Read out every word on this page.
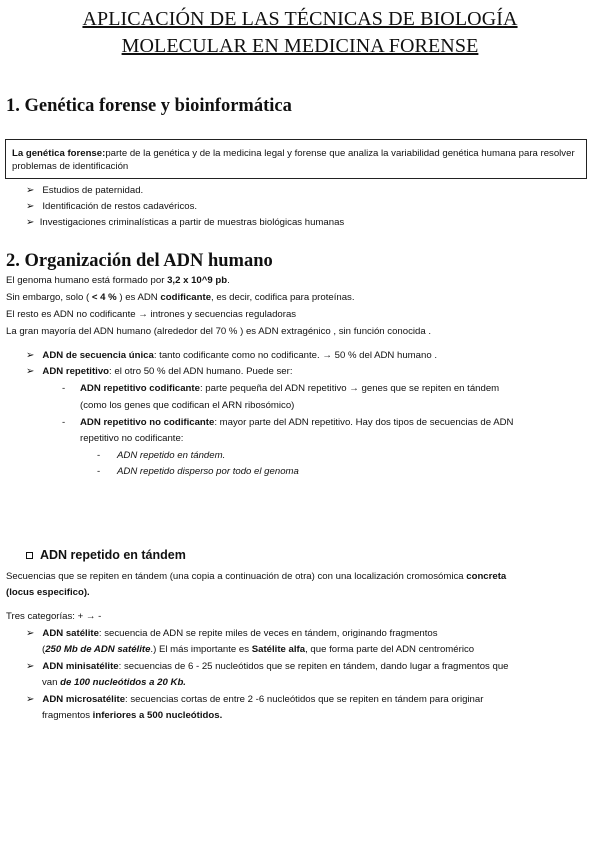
APLICACIÓN DE LAS TÉCNICAS DE BIOLOGÍA
MOLECULAR EN MEDICINA FORENSE
1. Genética forense y bioinformática
La genética forense:parte de la genética y de la medicina legal y forense que analiza la variabilidad genética humana para resolver problemas de identificación
➢ Estudios de paternidad.
➢ Identificación de restos cadavéricos.
➢ Investigaciones criminalísticas a partir de muestras biológicas humanas
2. Organización del ADN humano
El genoma humano está formado por 3,2 x 10^9 pb.
Sin embargo, solo ( < 4 % ) es ADN codificante, es decir, codifica para proteínas.
El resto es ADN no codificante → intrones y secuencias reguladoras
La gran mayoría del ADN humano (alrededor del 70 % ) es ADN extragénico , sin función conocida .
➢ ADN de secuencia única: tanto codificante como no codificante. → 50 % del ADN humano .
➢ ADN repetitivo: el otro 50 % del ADN humano. Puede ser:
- ADN repetitivo codificante: parte pequeña del ADN repetitivo → genes que se repiten en tándem
(como los genes que codifican el ARN ribosómico)
- ADN repetitivo no codificante: mayor parte del ADN repetitivo. Hay dos tipos de secuencias de ADN
repetitivo no codificante:
- ADN repetido en tándem.
- ADN repetido disperso por todo el genoma
ADN repetido en tándem
Secuencias que se repiten en tándem (una copia a continuación de otra) con una localización cromosómica concreta
(locus especifico).
Tres categorías: + → -
➢ ADN satélite: secuencia de ADN se repite miles de veces en tándem, originando fragmentos
(250 Mb de ADN satélite.) El más importante es Satélite alfa, que forma parte del ADN centromérico
➢ ADN minisatélite: secuencias de 6 - 25 nucleótidos que se repiten en tándem, dando lugar a fragmentos que
van de 100 nucleótidos a 20 Kb.
➢ ADN microsatélite: secuencias cortas de entre 2 -6 nucleótidos que se repiten en tándem para originar
fragmentos inferiores a 500 nucleótidos.
